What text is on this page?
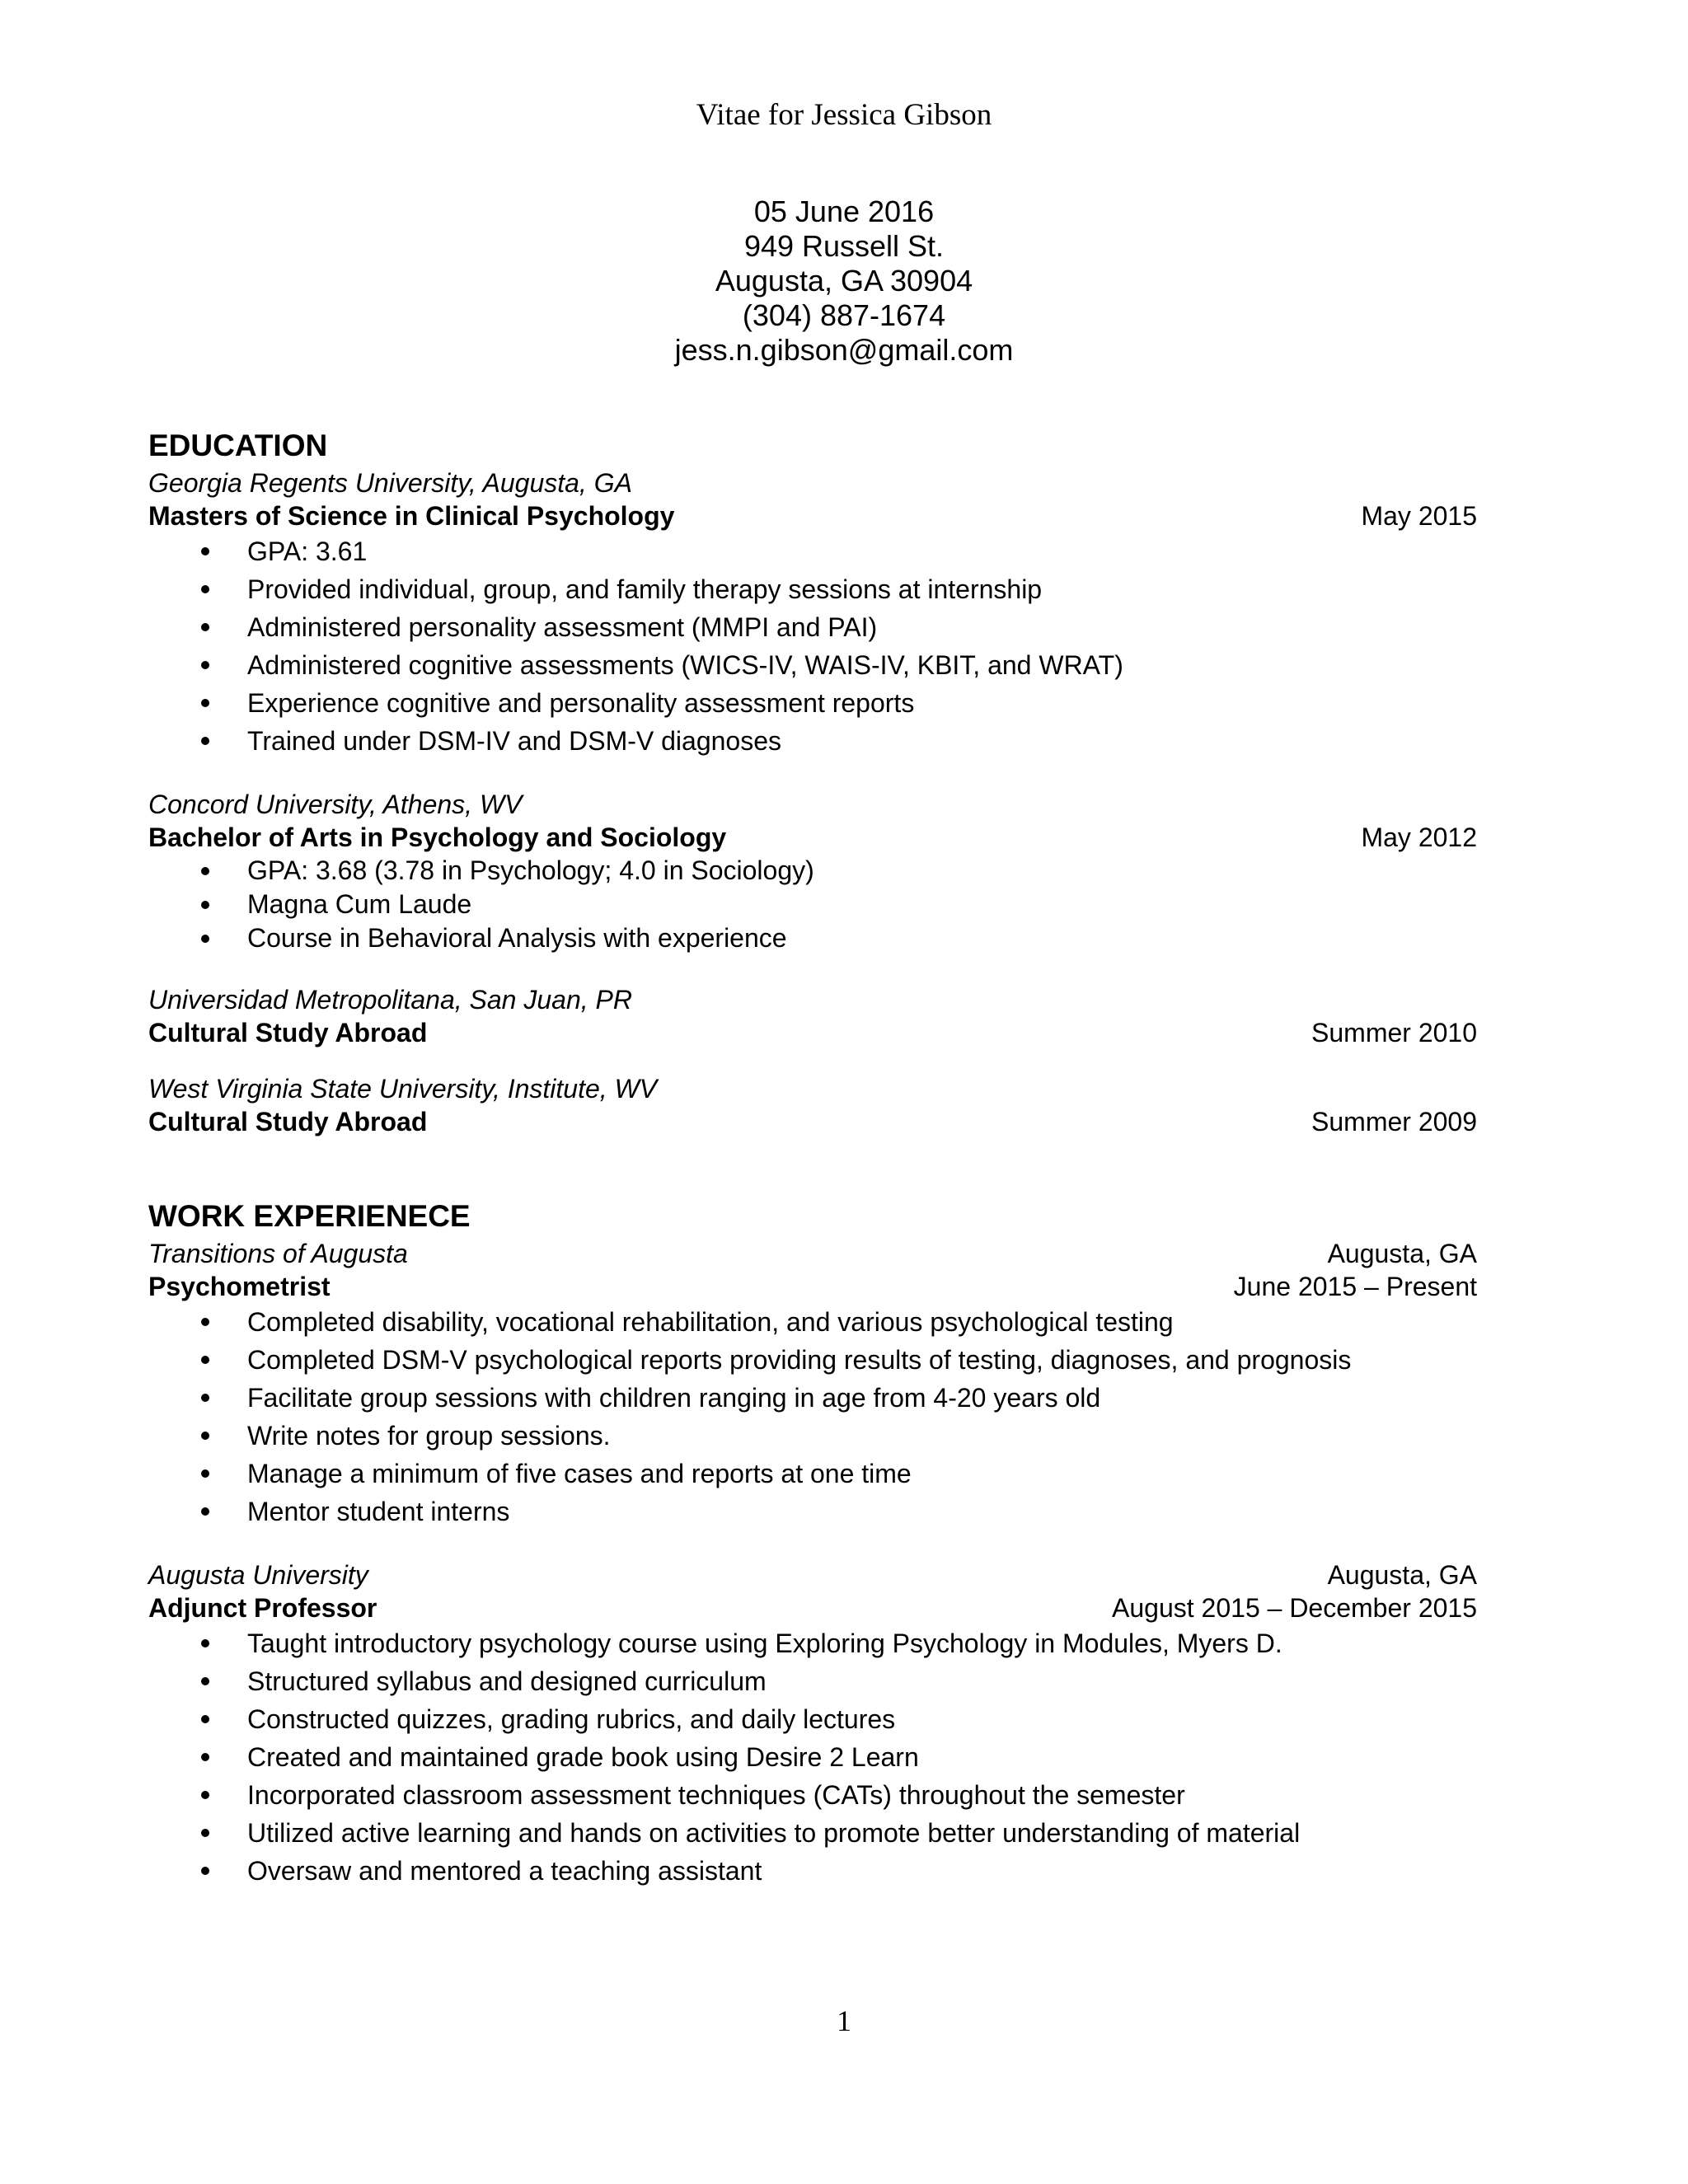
Vitae for Jessica Gibson
05 June 2016
949 Russell St.
Augusta, GA 30904
(304) 887-1674
jess.n.gibson@gmail.com
EDUCATION
Georgia Regents University, Augusta, GA
Masters of Science in Clinical Psychology	May 2015
GPA: 3.61
Provided individual, group, and family therapy sessions at internship
Administered personality assessment (MMPI and PAI)
Administered cognitive assessments (WICS-IV, WAIS-IV, KBIT, and WRAT)
Experience cognitive and personality assessment reports
Trained under DSM-IV and DSM-V diagnoses
Concord University, Athens, WV
Bachelor of Arts in Psychology and Sociology	May 2012
GPA: 3.68 (3.78 in Psychology; 4.0 in Sociology)
Magna Cum Laude
Course in Behavioral Analysis with experience
Universidad Metropolitana, San Juan, PR
Cultural Study Abroad	Summer 2010
West Virginia State University, Institute, WV
Cultural Study Abroad	Summer 2009
WORK EXPERIENECE
Transitions of Augusta	Augusta, GA
Psychometrist	June 2015 – Present
Completed disability, vocational rehabilitation, and various psychological testing
Completed DSM-V psychological reports providing results of testing, diagnoses, and prognosis
Facilitate group sessions with children ranging in age from 4-20 years old
Write notes for group sessions.
Manage a minimum of five cases and reports at one time
Mentor student interns
Augusta University	Augusta, GA
Adjunct Professor	August 2015 – December 2015
Taught introductory psychology course using Exploring Psychology in Modules, Myers D.
Structured syllabus and designed curriculum
Constructed quizzes, grading rubrics, and daily lectures
Created and maintained grade book using Desire 2 Learn
Incorporated classroom assessment techniques (CATs) throughout the semester
Utilized active learning and hands on activities to promote better understanding of material
Oversaw and mentored a teaching assistant
1
